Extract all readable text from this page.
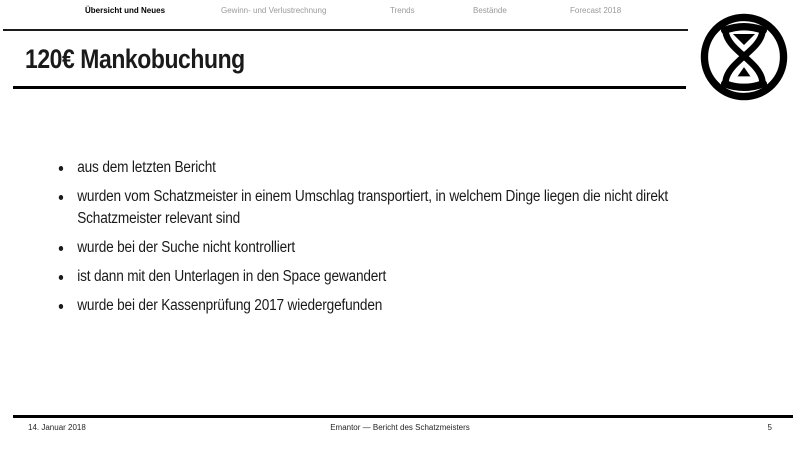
Übersicht und Neues	Gewinn- und Verlustrechnung	Trends	Bestände	Forecast 2018
120€ Mankobuchung
aus dem letzten Bericht
wurden vom Schatzmeister in einem Umschlag transportiert, in welchem Dinge liegen die nicht direkt Schatzmeister relevant sind
wurde bei der Suche nicht kontrolliert
ist dann mit den Unterlagen in den Space gewandert
wurde bei der Kassenprüfung 2017 wiedergefunden
14. Januar 2018	Emantor — Bericht des Schatzmeisters	5
